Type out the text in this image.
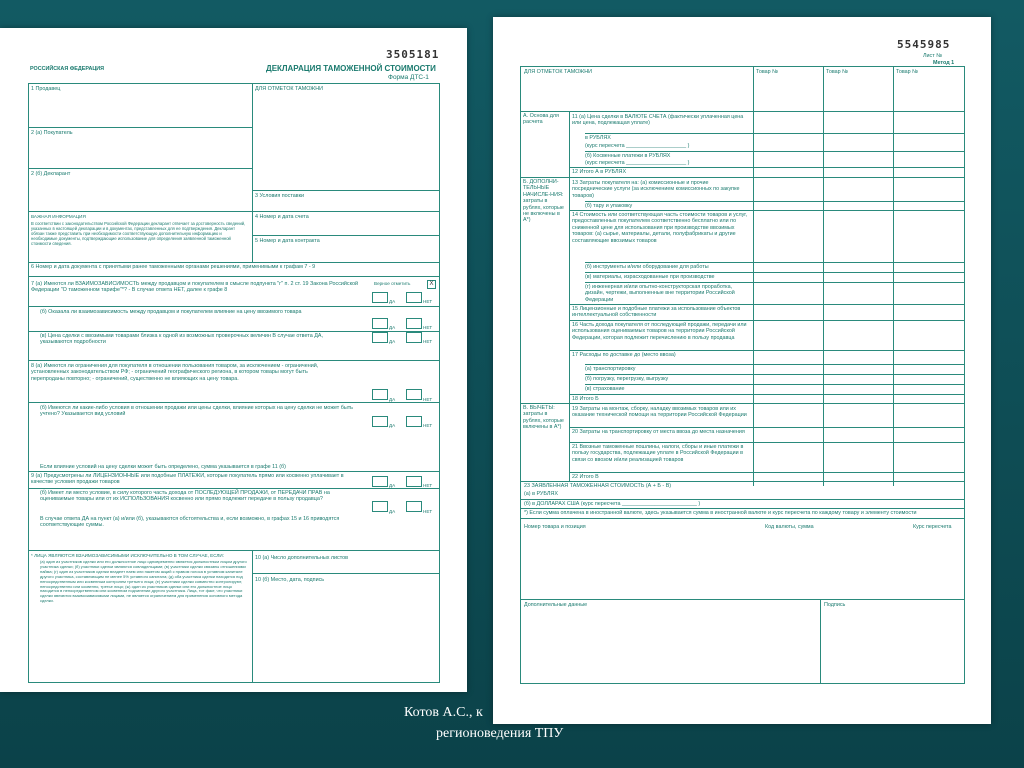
3505181
РОССИЙСКАЯ ФЕДЕРАЦИЯ	ДЕКЛАРАЦИЯ ТАМОЖЕННОЙ СТОИМОСТИ
Форма ДТС-1
1 Продавец	ДЛЯ ОТМЕТОК ТАМОЖНИ
2 (а) Покупатель
2 (б) Декларант
3 Условия поставки
ВАЖНАЯ ИНФОРМАЦИЯ
В соответствии с законодательством Российской Федерации декларант отвечает за достоверность сведений, указанных в настоящей декларации и в документах, представленных для ее подтверждения. Декларант обязан также представить при необходимости соответствующую дополнительную информацию и необходимые документы, подтверждающие использование для определения заявленной таможенной стоимости сведения.
4 Номер и дата счета
5 Номер и дата контракта
6 Номер и дата документа с принятыми ранее таможенными органами решениями, применимыми к графам 7 - 9
7 (а) Имеются ли ВЗАИМОЗАВИСИМОСТЬ между продавцом и покупателем в смысле подпункта "г" п. 2 ст. 19 Закона Российской Федерации "О таможенном тарифе"*? - В случае ответа НЕТ, далее к графе 8
Верное отметить	X
ДА	НЕТ
(б) Оказала ли взаимозависимость между продавцом и покупателем влияние на цену ввозимого товара
ДА	НЕТ
(в) Цена сделки с ввозимыми товарами близка к одной из возможных проверочных величин В случае ответа ДА, указываются подробности	ДА	НЕТ
8 (а) Имеются ли ограничения для покупателя в отношении пользования товаром, за исключением - ограничений, установленных законодательством РФ; - ограничений географического региона, в котором товары могут быть перепроданы повторно; - ограничений, существенно не влияющих на цену товара.
ДА	НЕТ
(б) Имеются ли какие-либо условия в отношении продажи или цены сделки, влияние которых на цену сделки не может быть учтено? Указывается вид условий
ДА	НЕТ
Если влияние условий на цену сделки может быть определено, сумма указывается в графе 11 (б)
9 (а) Предусмотрены ли ЛИЦЕНЗИОННЫЕ или подобные ПЛАТЕЖИ, которые покупатель прямо или косвенно уплачивает в качестве условия продажи товаров
ДА	НЕТ
(б) Имеет ли место условие, в силу которого часть дохода от ПОСЛЕДУЮЩЕЙ ПРОДАЖИ, от ПЕРЕДАЧИ ПРАВ на оцениваемые товары или от их ИСПОЛЬЗОВАНИЯ косвенно или прямо подлежит передаче в пользу продавца?
ДА	НЕТ
В случае ответа ДА на пункт (а) и/или (б), указываются обстоятельства и, если возможно, в графах 15 и 16 приводятся соответствующие суммы.
* ЛИЦА ЯВЛЯЮТСЯ ВЗАИМОЗАВИСИМЫМИ ИСКЛЮЧИТЕЛЬНО В ТОМ СЛУЧАЕ, ЕСЛИ:
(а) один из участников сделки или его должностное лицо одновременно является должностным лицом другого участника сделки; (б) участники сделки являются совладельцами; (в) участники сделки связаны отношениями найма; (г) один из участников сделки владеет паем или пакетом акций с правом голоса в уставном капитале другого участника, составляющим не менее 5% уставного капитала; (д) оба участника сделки находятся под непосредственным или косвенным контролем третьего лица; (е) участники сделки совместно контролируют, непосредственно или косвенно, третье лицо; (ж) один из участников сделки или его должностное лицо находится в непосредственном или косвенном подчинении другого участника. Лица, тот факт, что участники сделки являются взаимозависимыми лицами, не является ограничением для применения основного метода сделки.
10 (а) Число дополнительных листов
10 (б) Место, дата, подпись
5545985
Лист №
Метод 1
ДЛЯ ОТМЕТОК ТАМОЖНИ	Товар №	Товар №	Товар №
А. Основа для расчета
11 (а) Цена сделки в ВАЛЮТЕ СЧЕТА (фактически уплаченная цена или цена, подлежащая уплате)
в РУБЛЯХ
(курс пересчета ____________________ )
(б) Косвенные платежи в РУБЛЯХ
(курс пересчета ____________________ )
12 Итого А в РУБЛЯХ
Б. ДОПОЛНИ-ТЕЛЬНЫЕ НАЧИСЛЕ-НИЯ: затраты в рублях, которые не включены в А*)
13 Затраты покупателя на: (а) комиссионные и прочие посреднические услуги (за исключением комиссионных по закупке товаров)
(б) тару и упаковку
14 Стоимость или соответствующая часть стоимости товаров и услуг, предоставленных покупателем соответственно бесплатно или по сниженной цене для использования при производстве ввозимых товаров: (а) сырье, материалы, детали, полуфабрикаты и другие составляющие ввозимых товаров
(б) инструменты и/или оборудование для работы
(в) материалы, израсходованные при производстве
(г) инженерная и/или опытно-конструкторская проработка, дизайн, чертежи, выполненные вне территории Российской Федерации
15 Лицензионные и подобные платежи за использование объектов интеллектуальной собственности
16 Часть дохода покупателя от последующей продажи, передачи или использования оцениваемых товаров на территории Российской Федерации, которая подлежит перечислению в пользу продавца
17 Расходы по доставке до (место ввоза)
(а) транспортировку
(б) погрузку, перегрузку, выгрузку
(в) страхование
18 Итого Б
В. ВЫЧЕТЫ: затраты в рублях, которые включены в А*)
19 Затраты на монтаж, сборку, наладку ввозимых товаров или их оказание технической помощи на территории Российской Федерации
20 Затраты на транспортировку от места ввоза до места назначения
21 Ввозные таможенные пошлины, налоги, сборы и иные платежи в пользу государства, подлежащие уплате в Российской Федерации в связи со ввозом и/или реализацией товаров
22 Итого В
23 ЗАЯВЛЕННАЯ ТАМОЖЕННАЯ СТОИМОСТЬ (А + Б - В)
(а) в РУБЛЯХ
(б) в ДОЛЛАРАХ США (курс пересчета _________________________ )
*) Если сумма оплачена в иностранной валюте, здесь указывается сумма в иностранной валюте и курс пересчета по каждому товару и элементу стоимости
Номер товара и позиция	Код валюты, сумма	Курс пересчета
Дополнительные данные	Подпись
Котов А.С., к
регионоведения ТПУ
